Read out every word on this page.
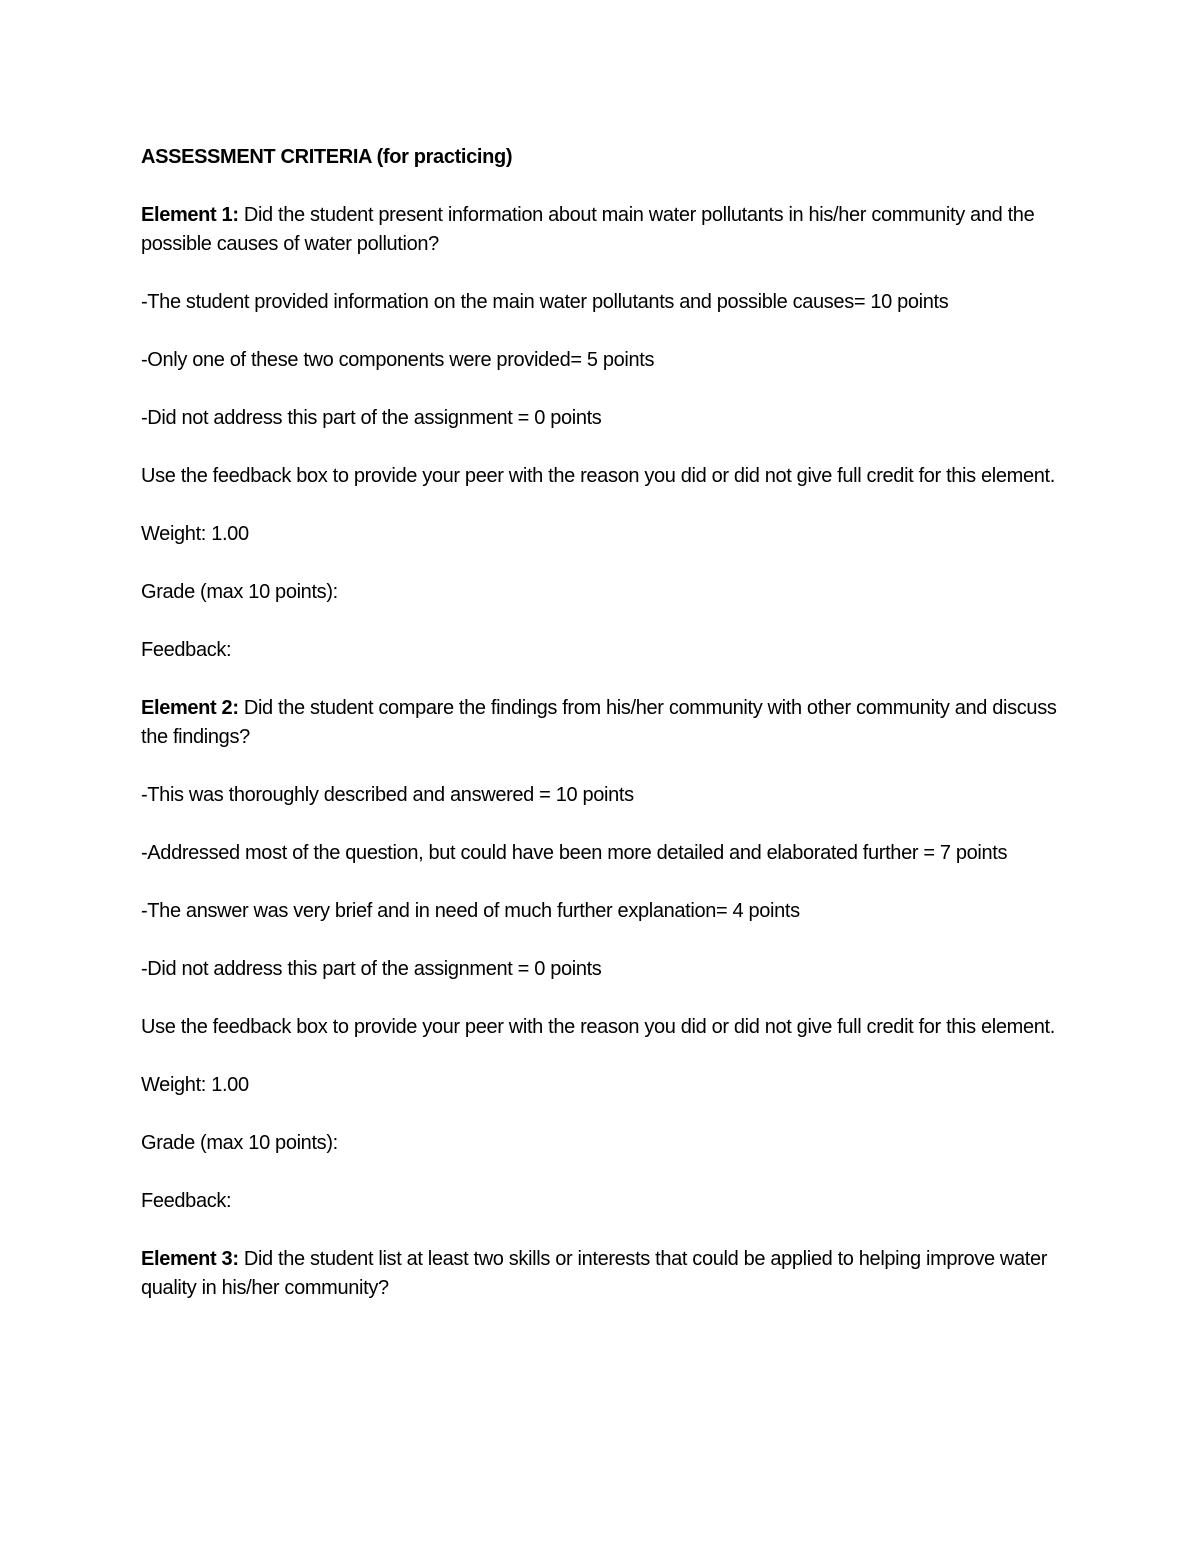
ASSESSMENT CRITERIA (for practicing)

Element 1: Did the student present information about main water pollutants in his/her community and the possible causes of water pollution?

-The student provided information on the main water pollutants and possible causes= 10 points

-Only one of these two components were provided= 5 points

-Did not address this part of the assignment = 0 points

Use the feedback box to provide your peer with the reason you did or did not give full credit for this element.

Weight: 1.00

Grade (max 10 points):

Feedback:

Element 2: Did the student compare the findings from his/her community with other community and discuss the findings?

-This was thoroughly described and answered = 10 points

-Addressed most of the question, but could have been more detailed and elaborated further = 7 points

-The answer was very brief and in need of much further explanation= 4 points

-Did not address this part of the assignment = 0 points

Use the feedback box to provide your peer with the reason you did or did not give full credit for this element.

Weight: 1.00

Grade (max 10 points):

Feedback:

Element 3: Did the student list at least two skills or interests that could be applied to helping improve water quality in his/her community?
